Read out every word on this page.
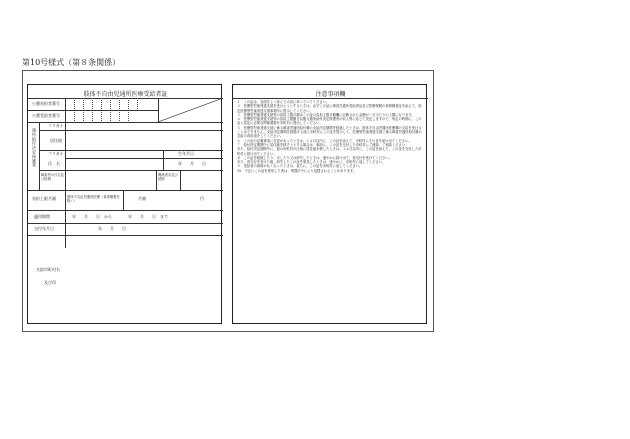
第10号様式（第８条関係）
肢体不自由児通所医療受給者証
公費負担者番号
公費受給者番号
通所給付決定保護者
フリガナ
居住地
フリガナ	生年月日
氏　名	年　　月　　日
障害児の氏名及び続柄
関係者名並び続柄
負担上限月額	肢体不自由児通所医療（食事療養を除く）	月額	円
適用期間	年　　月　　日　から　　　　年　　月　　日　まで
交付年月日	年　　月　　日
支給市町村名
及び印
注意事項欄
１　この証は、各面をよく読んで大切に持っていてください。
２　医療型児童発達支援を受けようとするときは、必ずこの証に障害児通所受給者証及び医療保険の被保険者証を添えて、指定医療型児童発達支援事業所に提示してください。
３　医療型児童発達支援等の負担上限月額はこの証の負担上限月額欄に記載された金額が一月当たりの上限になります。
４　医療型児童発達支援等の負担上限額日以後与通所給付決定保護者の収入等に応じて決定しますので、所定の時期に、この証と認定に必要な関係書類を市町村に提出してください。
５　医療型児童発達支援に係る障害児通所給付費の支給決定期間を経過したときは、肢体不自由児通所医療費の支給を受けることはできません。支給決定期間を経過する前に市町村にこの証を提示して、医療型児童発達支援に係る障害児通所給付費の支給の再申請をしてください。
６　この証の記載事項に変更があったときは、１４日以内に、この証を添えて、市町村にその旨を届け出てください。
７　給付決定期間中に居住地を移そうとする場合は、事前に、この証を交付した市町村にご連絡、ご相談ください。
また、給付決定期間中に、他の市町村の区域に居住地を移したときは、１４日以内に、この証を添えて、この証を交付した市町村に届け出てください。
８　この証を破損したり、汚したり又は紛失したときは、速やかに届け出て、再交付を受けてください。
また、再交付を受けた後、紛失したこの証を発見したときは、速やかに、市町村に返してください。
９　受給者の資格がなくなったときは、直ちに、この証を市町村に返してください。
10　不正にこの証を使用した者は、刑罰法令により処罰されることがあります。
